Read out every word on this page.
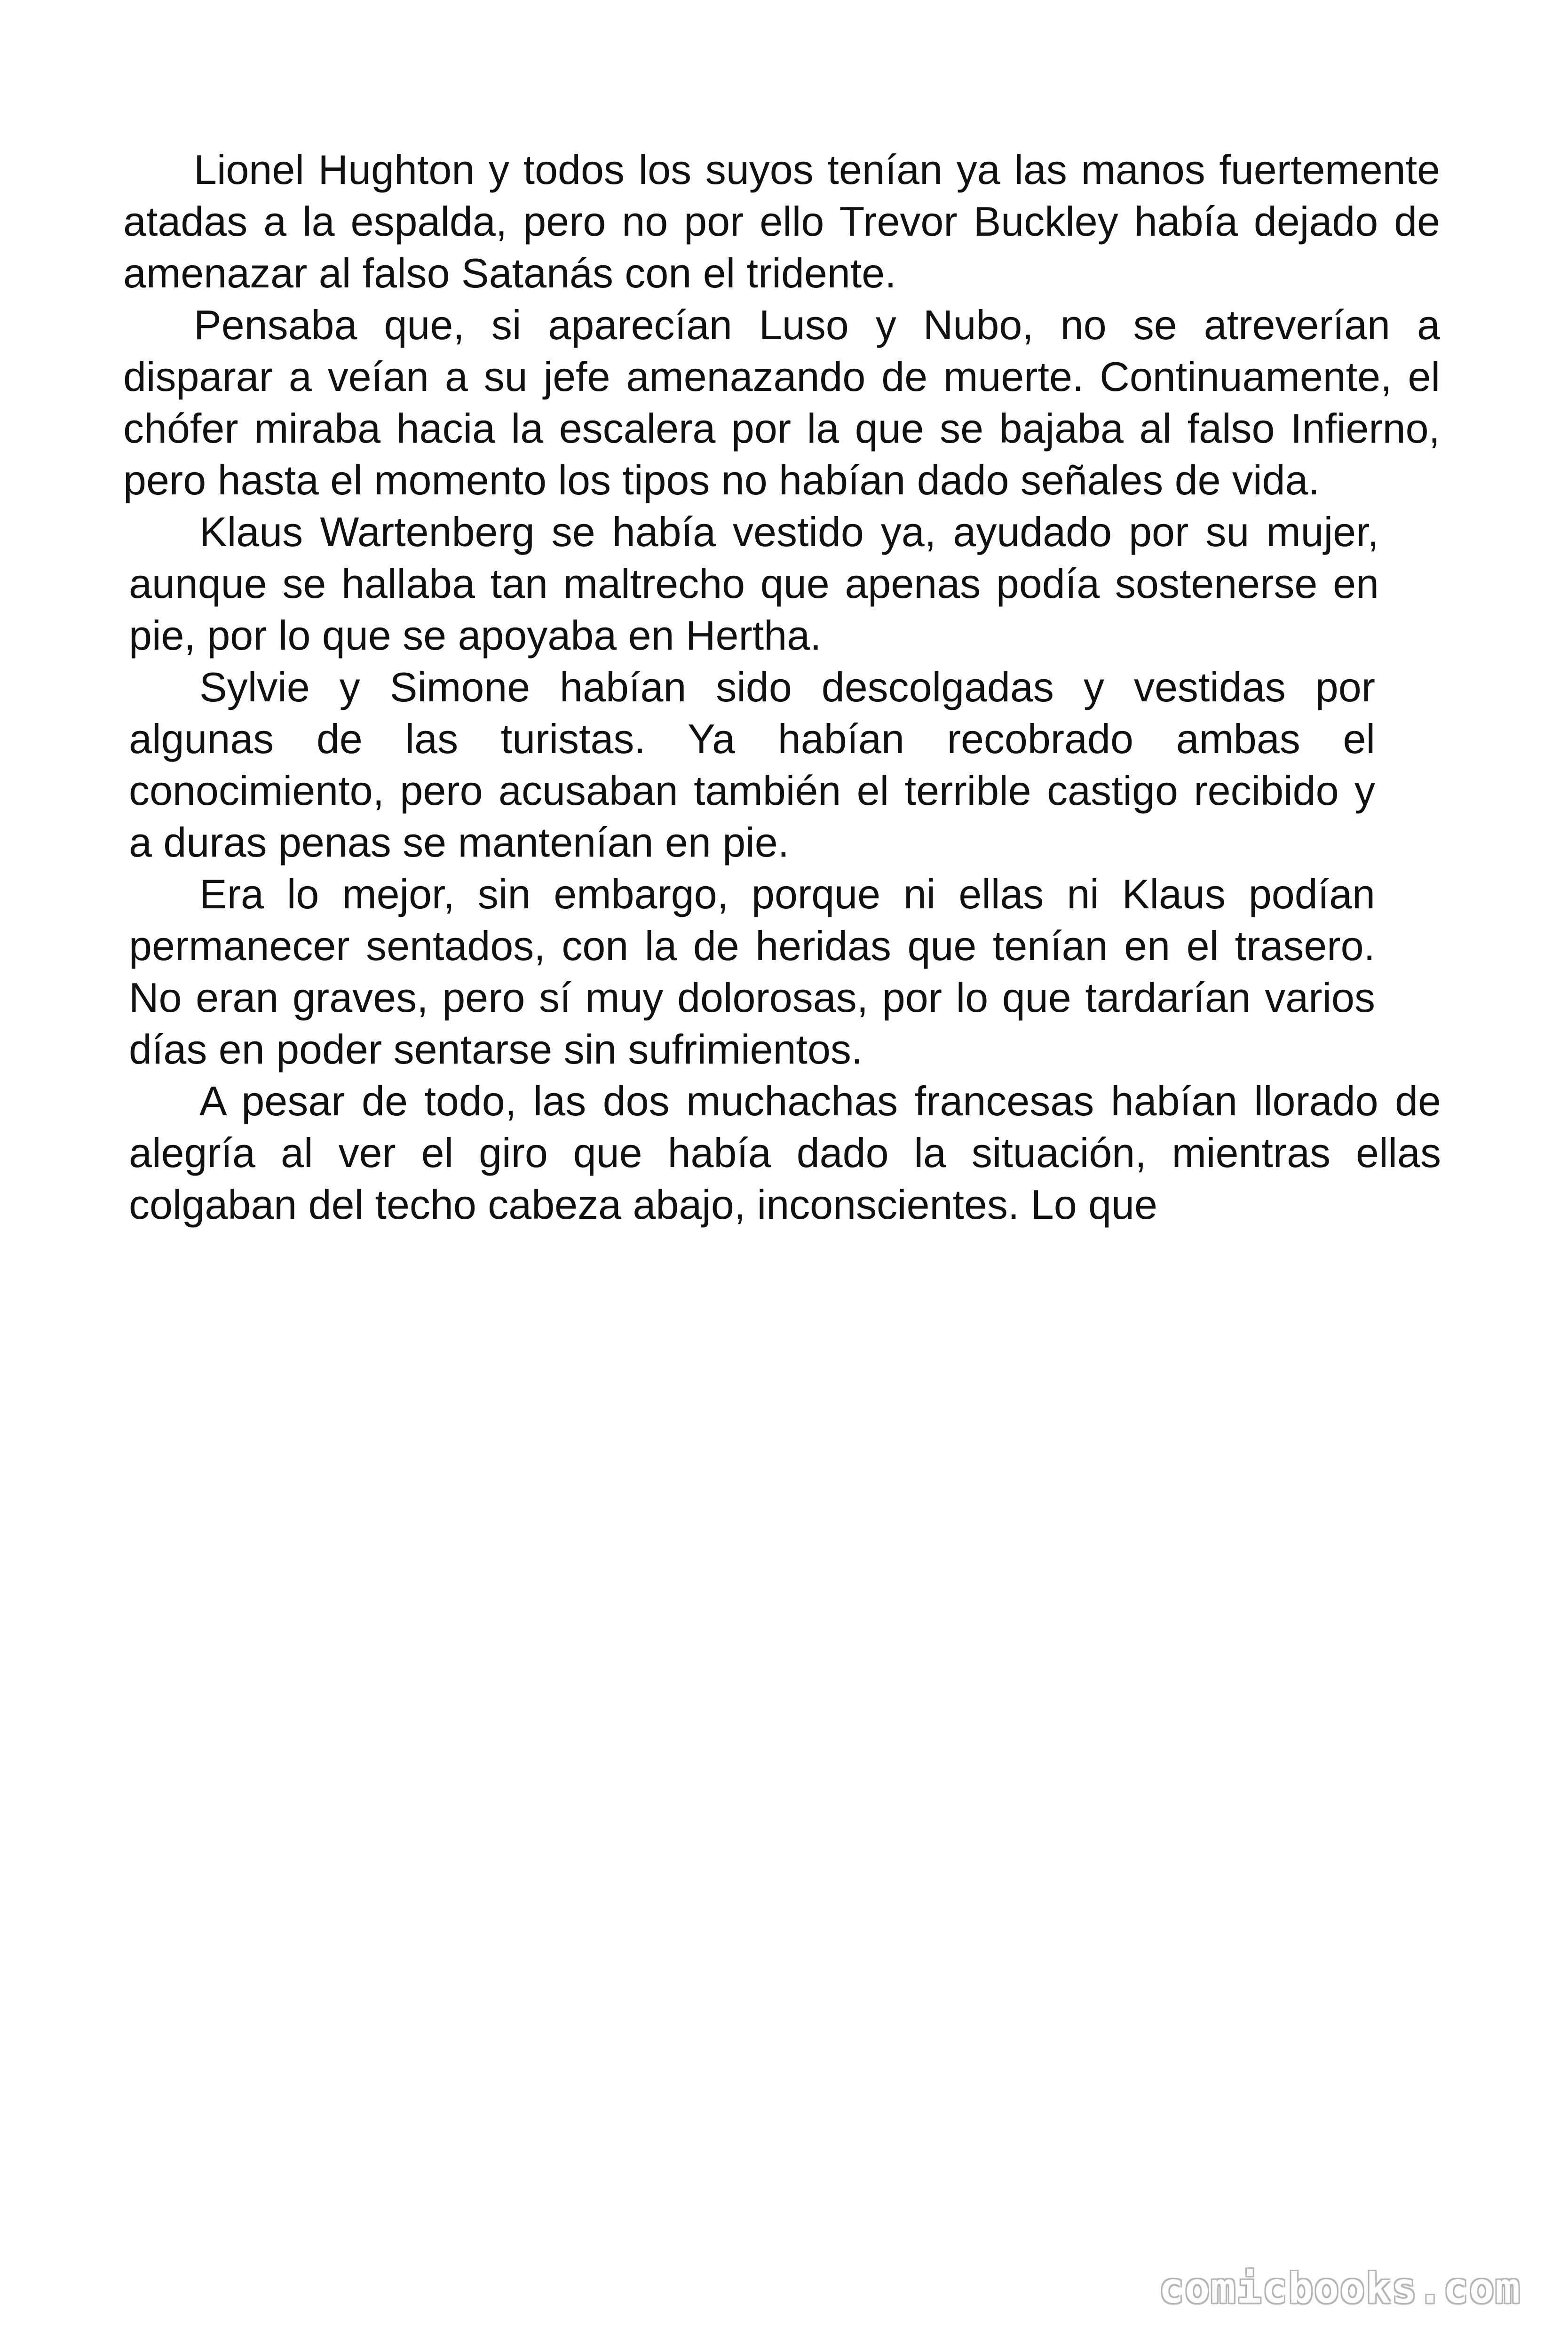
Lionel Hughton y todos los suyos tenían ya las manos fuertemente atadas a la espalda, pero no por ello Trevor Buckley había dejado de amenazar al falso Satanás con el tridente.

Pensaba que, si aparecían Luso y Nubo, no se atreverían a disparar a veían a su jefe amenazando de muerte. Continuamente, el chófer miraba hacia la escalera por la que se bajaba al falso Infierno, pero hasta el momento los tipos no habían dado señales de vida.

Klaus Wartenberg se había vestido ya, ayudado por su mujer, aunque se hallaba tan maltrecho que apenas podía sostenerse en pie, por lo que se apoyaba en Hertha.

Sylvie y Simone habían sido descolgadas y vestidas por algunas de las turistas. Ya habían recobrado ambas el conocimiento, pero acusaban también el terrible castigo recibido y a duras penas se mantenían en pie.

Era lo mejor, sin embargo, porque ni ellas ni Klaus podían permanecer sentados, con la de heridas que tenían en el trasero. No eran graves, pero sí muy dolorosas, por lo que tardarían varios días en poder sentarse sin sufrimientos.

A pesar de todo, las dos muchachas francesas habían llorado de alegría al ver el giro que había dado la situación, mientras ellas colgaban del techo cabeza abajo, inconscientes. Lo que

comicbooks.com
